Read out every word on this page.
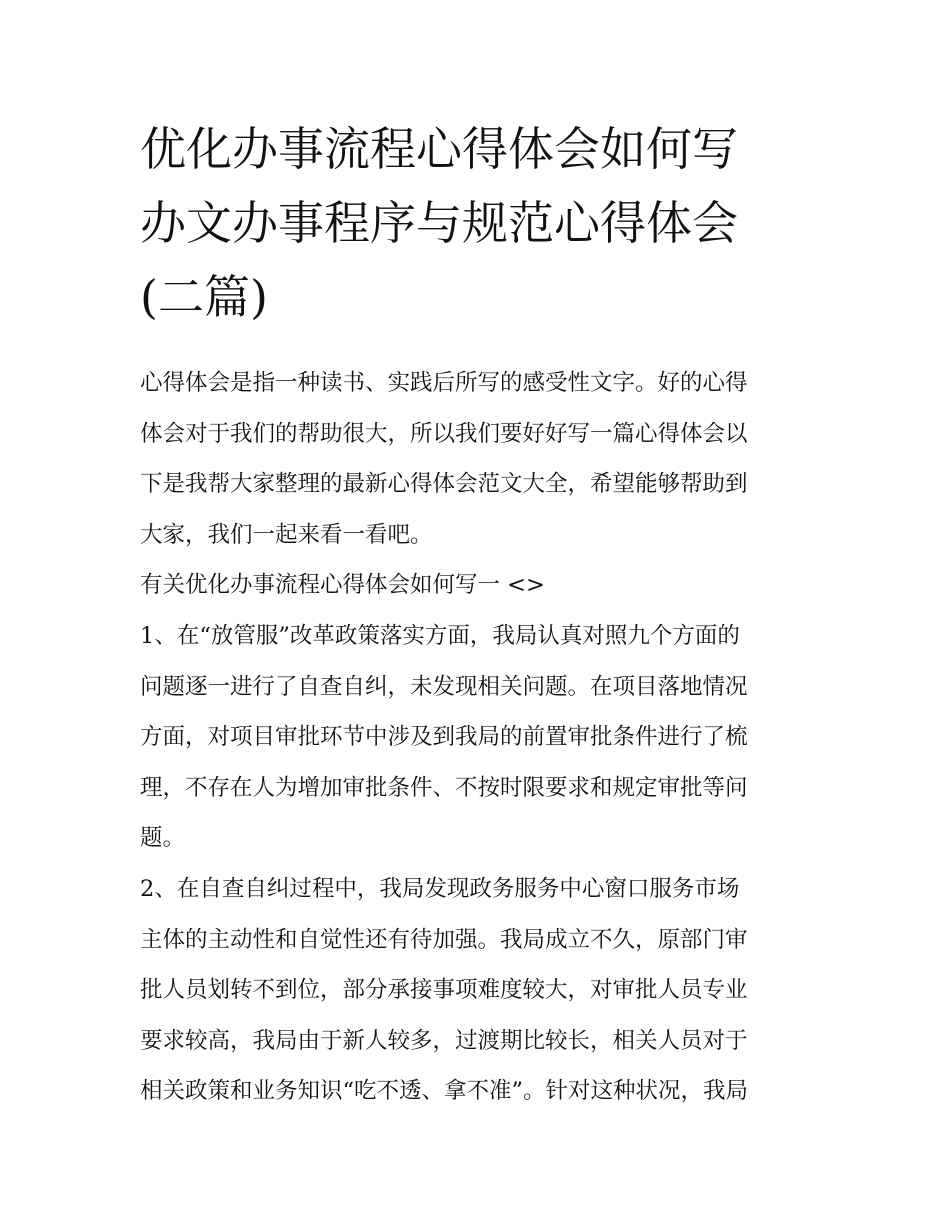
优化办事流程心得体会如何写
办文办事程序与规范心得体会
(二篇)

心得体会是指一种读书、实践后所写的感受性文字。好的心得
体会对于我们的帮助很大，所以我们要好好写一篇心得体会以
下是我帮大家整理的最新心得体会范文大全，希望能够帮助到
大家，我们一起来看一看吧。

有关优化办事流程心得体会如何写一 <>

1、在“放管服”改革政策落实方面，我局认真对照九个方面的
问题逐一进行了自查自纠，未发现相关问题。在项目落地情况
方面，对项目审批环节中涉及到我局的前置审批条件进行了梳
理，不存在人为增加审批条件、不按时限要求和规定审批等问
题。

2、在自查自纠过程中，我局发现政务服务中心窗口服务市场
主体的主动性和自觉性还有待加强。我局成立不久，原部门审
批人员划转不到位，部分承接事项难度较大，对审批人员专业
要求较高，我局由于新人较多，过渡期比较长，相关人员对于
相关政策和业务知识“吃不透、拿不准”。针对这种状况，我局
